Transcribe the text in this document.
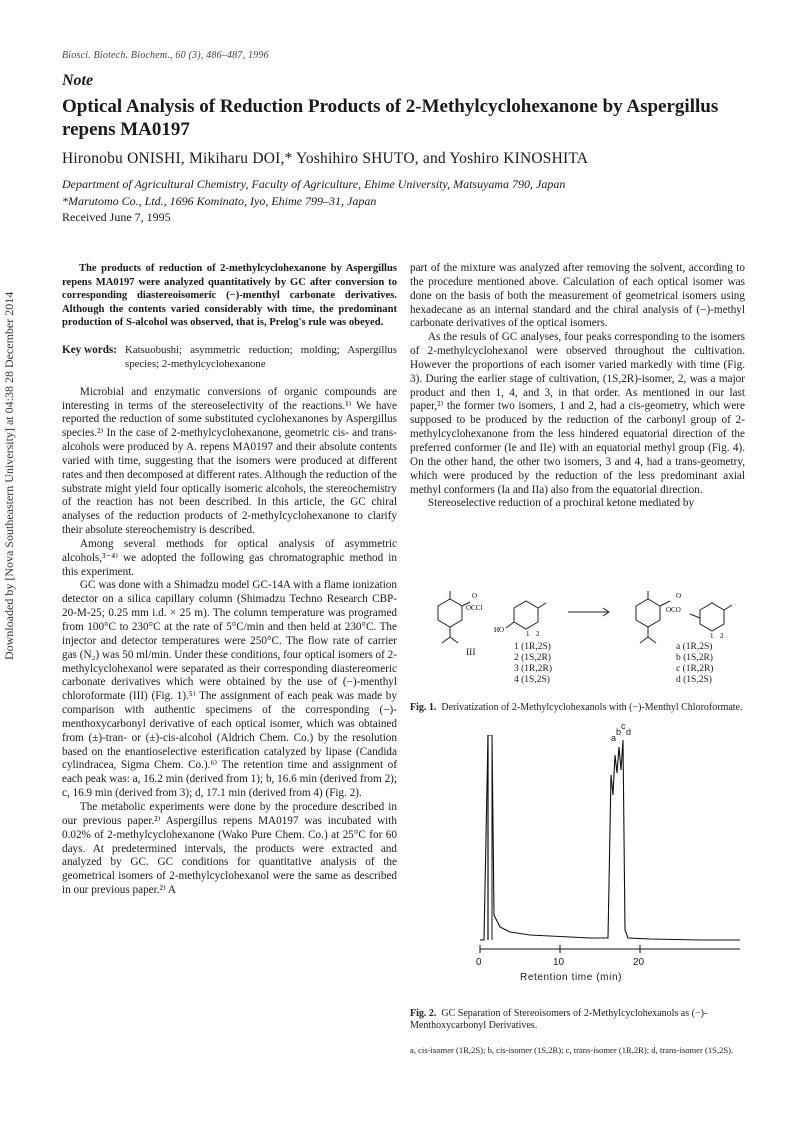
Biosci. Biotech. Biochem., 60 (3), 486–487, 1996
Note
Optical Analysis of Reduction Products of 2-Methylcyclohexanone by Aspergillus repens MA0197
Hironobu ONISHI, Mikiharu DOI,* Yoshihiro SHUTO, and Yoshiro KINOSHITA
Department of Agricultural Chemistry, Faculty of Agriculture, Ehime University, Matsuyama 790, Japan
*Marutomo Co., Ltd., 1696 Kominato, Iyo, Ehime 799–31, Japan
Received June 7, 1995
Downloaded by [Nova Southeastern University] at 04:38 28 December 2014

The products of reduction of 2-methylcyclohexanone by Aspergillus repens MA0197 were analyzed quantitatively by GC after conversion to corresponding diastereoisomeric (−)-menthyl carbonate derivatives. Although the contents varied considerably with time, the predominant production of S-alcohol was observed, that is, Prelog's rule was obeyed.

Key words: Katsuobushi; asymmetric reduction; molding; Aspergillus species; 2-methylcyclohexanone

Microbial and enzymatic conversions of organic compounds are interesting in terms of the stereoselectivity of the reactions.¹⁾ We have reported the reduction of some substituted cyclohexanones by Aspergillus species.²⁾ In the case of 2-methylcyclohexanone, geometric cis- and trans-alcohols were produced by A. repens MA0197 and their absolute contents varied with time, suggesting that the isomers were produced at different rates and then decomposed at different rates. Although the reduction of the substrate might yield four optically isomeric alcohols, the stereochemistry of the reaction has not been described. In this article, the GC chiral analyses of the reduction products of 2-methylcyclohexanone to clarify their absolute stereochemistry is described.

Among several methods for optical analysis of asymmetric alcohols,³⁻⁴⁾ we adopted the following gas chromatographic method in this experiment.

GC was done with a Shimadzu model GC-14A with a flame ionization detector on a silica capillary column (Shimadzu Techno Research CBP-20-M-25; 0.25 mm i.d. × 25 m). The column temperature was programed from 100°C to 230°C at the rate of 5°C/min and then held at 230°C. The injector and detector temperatures were 250°C. The flow rate of carrier gas (N₂) was 50 ml/min. Under these conditions, four optical isomers of 2-methylcyclohexanol were separated as their corresponding diastereomeric carbonate derivatives which were obtained by the use of (−)-menthyl chloroformate (III) (Fig. 1).⁵⁾ The assignment of each peak was made by comparison with authentic specimens of the corresponding (−)-menthoxycarbonyl derivative of each optical isomer, which was obtained from (±)-tran- or (±)-cis-alcohol (Aldrich Chem. Co.) by the resolution based on the enantioselective esterification catalyzed by lipase (Candida cylindracea, Sigma Chem. Co.).⁶⁾ The retention time and assignment of each peak was: a, 16.2 min (derived from 1); b, 16.6 min (derived from 2); c, 16.9 min (derived from 3); d, 17.1 min (derived from 4) (Fig. 2).

The metabolic experiments were done by the procedure described in our previous paper.²⁾ Aspergillus repens MA0197 was incubated with 0.02% of 2-methylcyclohexanone (Wako Pure Chem. Co.) at 25°C for 60 days. At predetermined intervals, the products were extracted and analyzed by GC. GC conditions for quantitative analysis of the geometrical isomers of 2-methylcyclohexanol were the same as described in our previous paper.²⁾ A

part of the mixture was analyzed after removing the solvent, according to the procedure mentioned above. Calculation of each optical isomer was done on the basis of both the measurement of geometrical isomers using hexadecane as an internal standard and the chiral analysis of (−)-methyl carbonate derivatives of the optical isomers.

As the resuls of GC analyses, four peaks corresponding to the isomers of 2-methylcyclohexanol were observed throughout the cultivation. However the proportions of each isomer varied markedly with time (Fig. 3). During the earlier stage of cultivation, (1S,2R)-isomer, 2, was a major product and then 1, 4, and 3, in that order. As mentioned in our last paper,²⁾ the former two isomers, 1 and 2, had a cis-geometry, which were supposed to be produced by the reduction of the carbonyl group of 2-methylcyclohexanone from the less hindered equatorial direction of the preferred conformer (Ie and IIe) with an equatorial methyl group (Fig. 4). On the other hand, the other two isomers, 3 and 4, had a trans-geometry, which were produced by the reduction of the less predominant axial methyl conformers (Ia and IIa) also from the equatorial direction.

Stereoselective reduction of a prochiral ketone mediated by

O
OCCl
HO	1 2
O
OCO
1 2
III
1 (1R,2S)
2 (1S,2R)
3 (1R,2R)
4 (1S,2S)
a (1R,2S)
b (1S,2R)
c (1R,2R)
d (1S,2S)
Fig. 1. Derivatization of 2-Methylcyclohexanols with (−)-Menthyl Chloroformate.
a
b
c
d
0	10	20
Retention time (min)
Fig. 2. GC Separation of Stereoisomers of 2-Methylcyclohexanols as (−)-Menthoxycarbonyl Derivatives.
a, cis-isomer (1R,2S); b, cis-isomer (1S,2R); c, trans-isomer (1R,2R); d, trans-isomer (1S,2S).
